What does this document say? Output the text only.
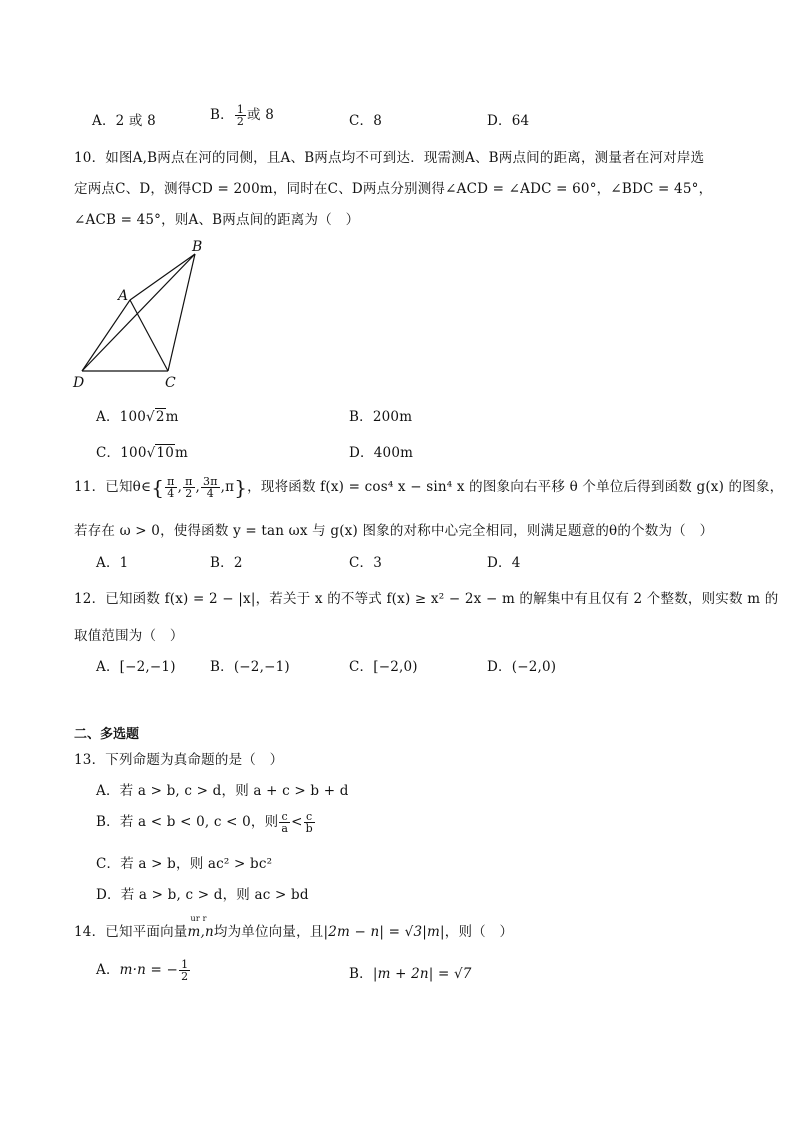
A．2 或 8	B． $\frac{1}{2}$ 或 8	C．8	D．64
10．如图A,B两点在河的同侧，且A、B两点均不可到达．现需测A、B两点间的距离，测量者在河对岸选
定两点C、D，测得CD = 200m，同时在C、D两点分别测得∠ACD = ∠ADC = 60°，∠BDC = 45°，
∠ACB = 45°，则A、B两点间的距离为（　）
A
B
C
D
A．100√2m	B．200m
C．100√10m	D．400m
11．已知θ∈{ $\frac{\pi}{4}$ , $\frac{\pi}{2}$ , $\frac{3\pi}{4} ,\pi$}，现将函数 f(x) = cos⁴ x − sin⁴ x 的图象向右平移 θ 个单位后得到函数 g(x) 的图象，
若存在 ω > 0，使得函数 y = tan ωx 与 g(x) 图象的对称中心完全相同，则满足题意的θ的个数为（　）
A．1	B．2	C．3	D．4
12．已知函数 f(x) = 2 − |x|，若关于 x 的不等式 f(x) ≥ x² − 2x − m 的解集中有且仅有 2 个整数，则实数 m 的
取值范围为（　）
A．[−2,−1)	B．(−2,−1)	C．[−2,0)	D．(−2,0)
二、多选题
13．下列命题为真命题的是（　）
A．若 a > b, c > d，则 a + c > b + d
B．若 a < b < 0, c < 0，则 $\frac{c}{a} < \frac{c}{b}$
C．若 a > b，则 ac² > bc²
D．若 a > b, c > d，则 ac > bd
14．已知平面向量
ur r
m,n均为单位向量，且|2m − n| = √3|m|，则（　）
A．m·n = − $\frac{1}{2}$	B．|m + 2n| = √7
